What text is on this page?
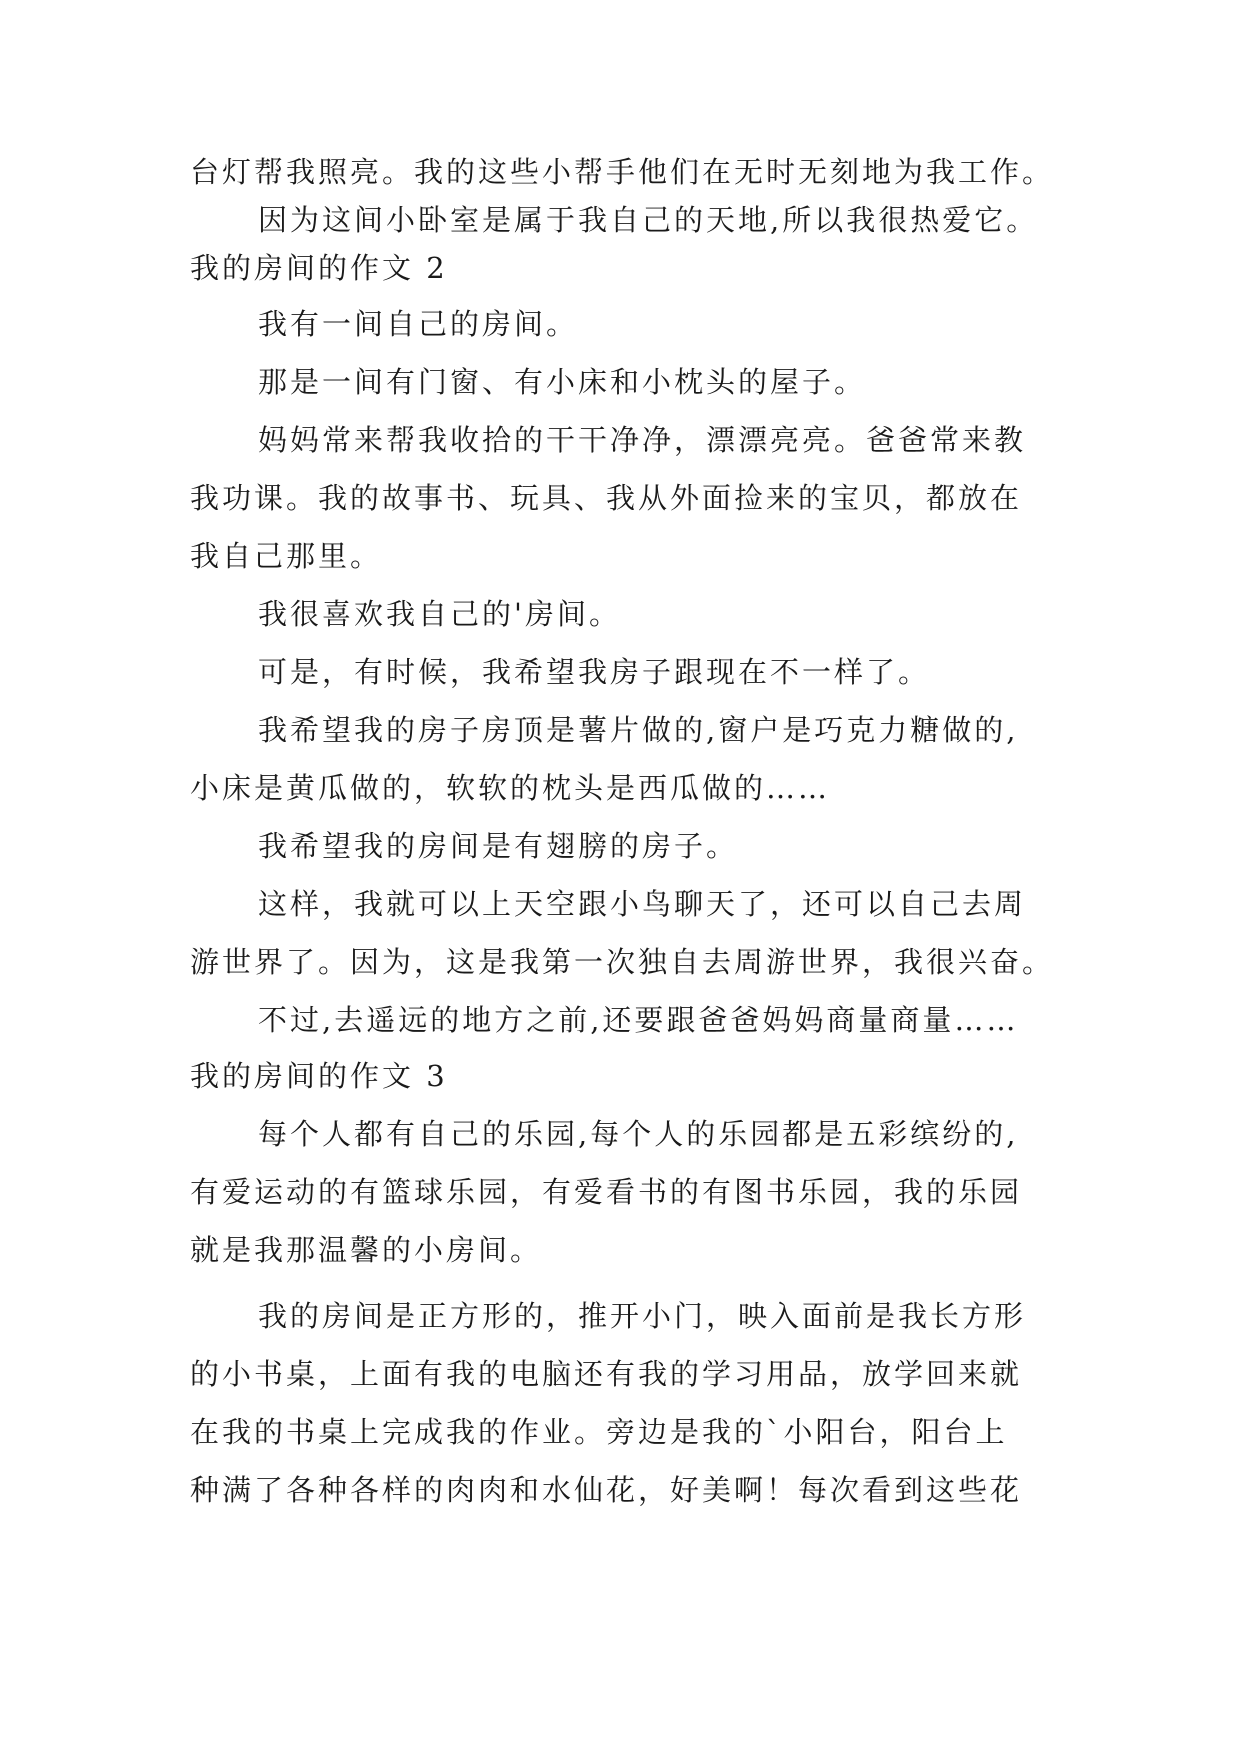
台灯帮我照亮。我的这些小帮手他们在无时无刻地为我工作。
因为这间小卧室是属于我自己的天地,所以我很热爱它。
我的房间的作文 2
我有一间自己的房间。
那是一间有门窗、有小床和小枕头的屋子。
妈妈常来帮我收拾的干干净净，漂漂亮亮。爸爸常来教
我功课。我的故事书、玩具、我从外面捡来的宝贝，都放在
我自己那里。
我很喜欢我自己的'房间。
可是，有时候，我希望我房子跟现在不一样了。
我希望我的房子房顶是薯片做的,窗户是巧克力糖做的,
小床是黄瓜做的，软软的枕头是西瓜做的……
我希望我的房间是有翅膀的房子。
这样，我就可以上天空跟小鸟聊天了，还可以自己去周
游世界了。因为，这是我第一次独自去周游世界，我很兴奋。
不过,去遥远的地方之前,还要跟爸爸妈妈商量商量……
我的房间的作文 3
每个人都有自己的乐园,每个人的乐园都是五彩缤纷的,
有爱运动的有篮球乐园，有爱看书的有图书乐园，我的乐园
就是我那温馨的小房间。
我的房间是正方形的，推开小门，映入面前是我长方形
的小书桌，上面有我的电脑还有我的学习用品，放学回来就
在我的书桌上完成我的作业。旁边是我的`小阳台，阳台上
种满了各种各样的肉肉和水仙花，好美啊！每次看到这些花
